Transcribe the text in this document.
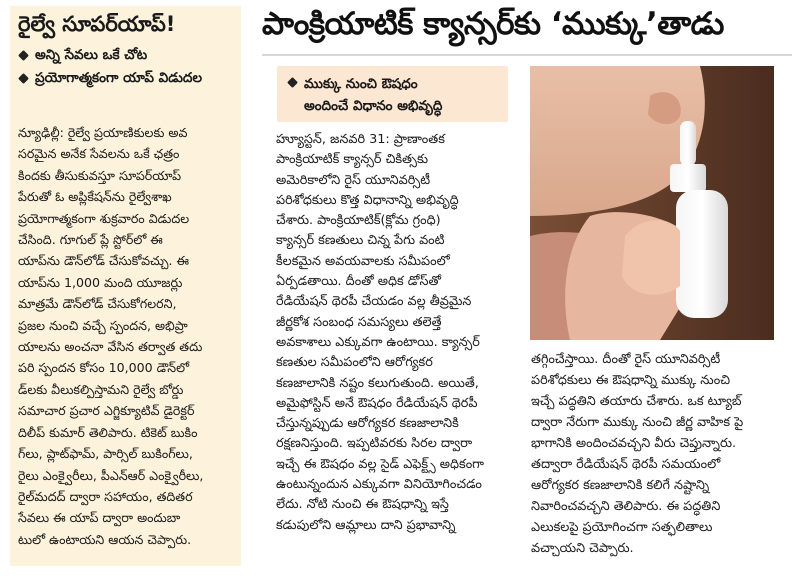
రైల్వే సూపర్‌యాప్!
అన్ని సేవలు ఒకే చోట
ప్రయోగాత్మకంగా యాప్ విడుదల
న్యూఢిల్లీ: రైల్వే ప్రయాణికులకు అవ
సరమైన అనేక సేవలను ఒకే ఛత్రం
కిందకు తీసుకువస్తూ సూపర్‌యాప్
పేరుతో ఓ అప్లికేషన్‌ను రైల్వేశాఖ
ప్రయోగాత్మకంగా శుక్రవారం విడుదల
చేసింది. గూగుల్ ప్లే స్టోర్‌లో ఈ
యాప్‌ను డౌన్‌లోడ్ చేసుకోవచ్చు. ఈ
యాప్‌ను 1,000 మంది యూజర్లు
మాత్రమే డౌన్‌లోడ్ చేసుకోగలరని,
ప్రజల నుంచి వచ్చే స్పందన, అభిప్రా
యాలను అంచనా వేసిన తర్వాత తదు
పరి స్పందన కోసం 10,000 డౌన్‌లో
డ్‌లకు వీలుకల్పిస్తామని రైల్వే బోర్డు
సమాచార ప్రచార ఎగ్జిక్యూటివ్ డైరెక్టర్
దిలీప్ కుమార్ తెలిపారు. టికెట్ బుకిం
గ్‌లు, ప్లాట్‌ఫామ్, పార్సిల్ బుకింగ్‌లు,
రైలు ఎంక్వైరీలు, పీఎన్‌ఆర్ ఎంక్వైరీలు,
రైల్‌మదద్ ద్వారా సహాయం, తదితర
సేవలు ఈ యాప్ ద్వారా అందుబా
టులో ఉంటాయని ఆయన చెప్పారు.
పాంక్రియాటిక్ క్యాన్సర్‌కు ‘ముక్కు’తాడు
ముక్కు నుంచి ఔషధం
అందించే విధానం అభివృద్ధి
హ్యూస్టన్, జనవరి 31: ప్రాణాంతక
పాంక్రియాటిక్ క్యాన్సర్ చికిత్సకు
అమెరికాలోని రైస్ యూనివర్సిటీ
పరిశోధకులు కొత్త విధానాన్ని అభివృద్ధి
చేశారు. పాంక్రియాటిక్(క్లోమ గ్రంధి)
క్యాన్సర్ కణతులు చిన్న పేగు వంటి
కీలకమైన అవయవాలకు సమీపంలో
ఏర్పడతాయి. దీంతో అధిక డోస్‌తో
రేడియేషన్ థెరపీ చేయడం వల్ల తీవ్రమైన
జీర్ణకోశ సంబంధ సమస్యలు తలెత్తే
అవకాశాలు ఎక్కువగా ఉంటాయి. క్యాన్సర్
కణతుల సమీపంలోని ఆరోగ్యకర
కణజాలానికి నష్టం కలుగుతుంది. అయితే,
అమైఫోస్టిన్ అనే ఔషధం రేడియేషన్ థెరపీ
చేస్తున్నప్పుడు ఆరోగ్యకర కణజాలానికి
రక్షణనిస్తుంది. ఇప్పటివరకు సిరల ద్వారా
ఇచ్చే ఈ ఔషధం వల్ల సైడ్ ఎఫెక్ట్స్ అధికంగా
ఉంటున్నందున ఎక్కువగా వినియోగించడం
లేదు. నోటి నుంచి ఈ ఔషధాన్ని ఇస్తే
కడుపులోని ఆమ్లాలు దాని ప్రభావాన్ని
తగ్గించేస్తాయి. దీంతో రైస్ యూనివర్సిటీ
పరిశోధకులు ఈ ఔషధాన్ని ముక్కు నుంచి
ఇచ్చే పద్ధతిని తయారు చేశారు. ఒక ట్యూబ్
ద్వారా నేరుగా ముక్కు నుంచి జీర్ణ వాహిక పై
భాగానికి అందించవచ్చని వీరు చెప్తున్నారు.
తద్వారా రేడియేషన్ థెరపీ సమయంలో
ఆరోగ్యకర కణజాలానికి కలిగే నష్టాన్ని
నివారించవచ్చని తెలిపారు. ఈ పద్ధతిని
ఎలుకలపై ప్రయోగించగా సత్ఫలితాలు
వచ్చాయని చెప్పారు.
